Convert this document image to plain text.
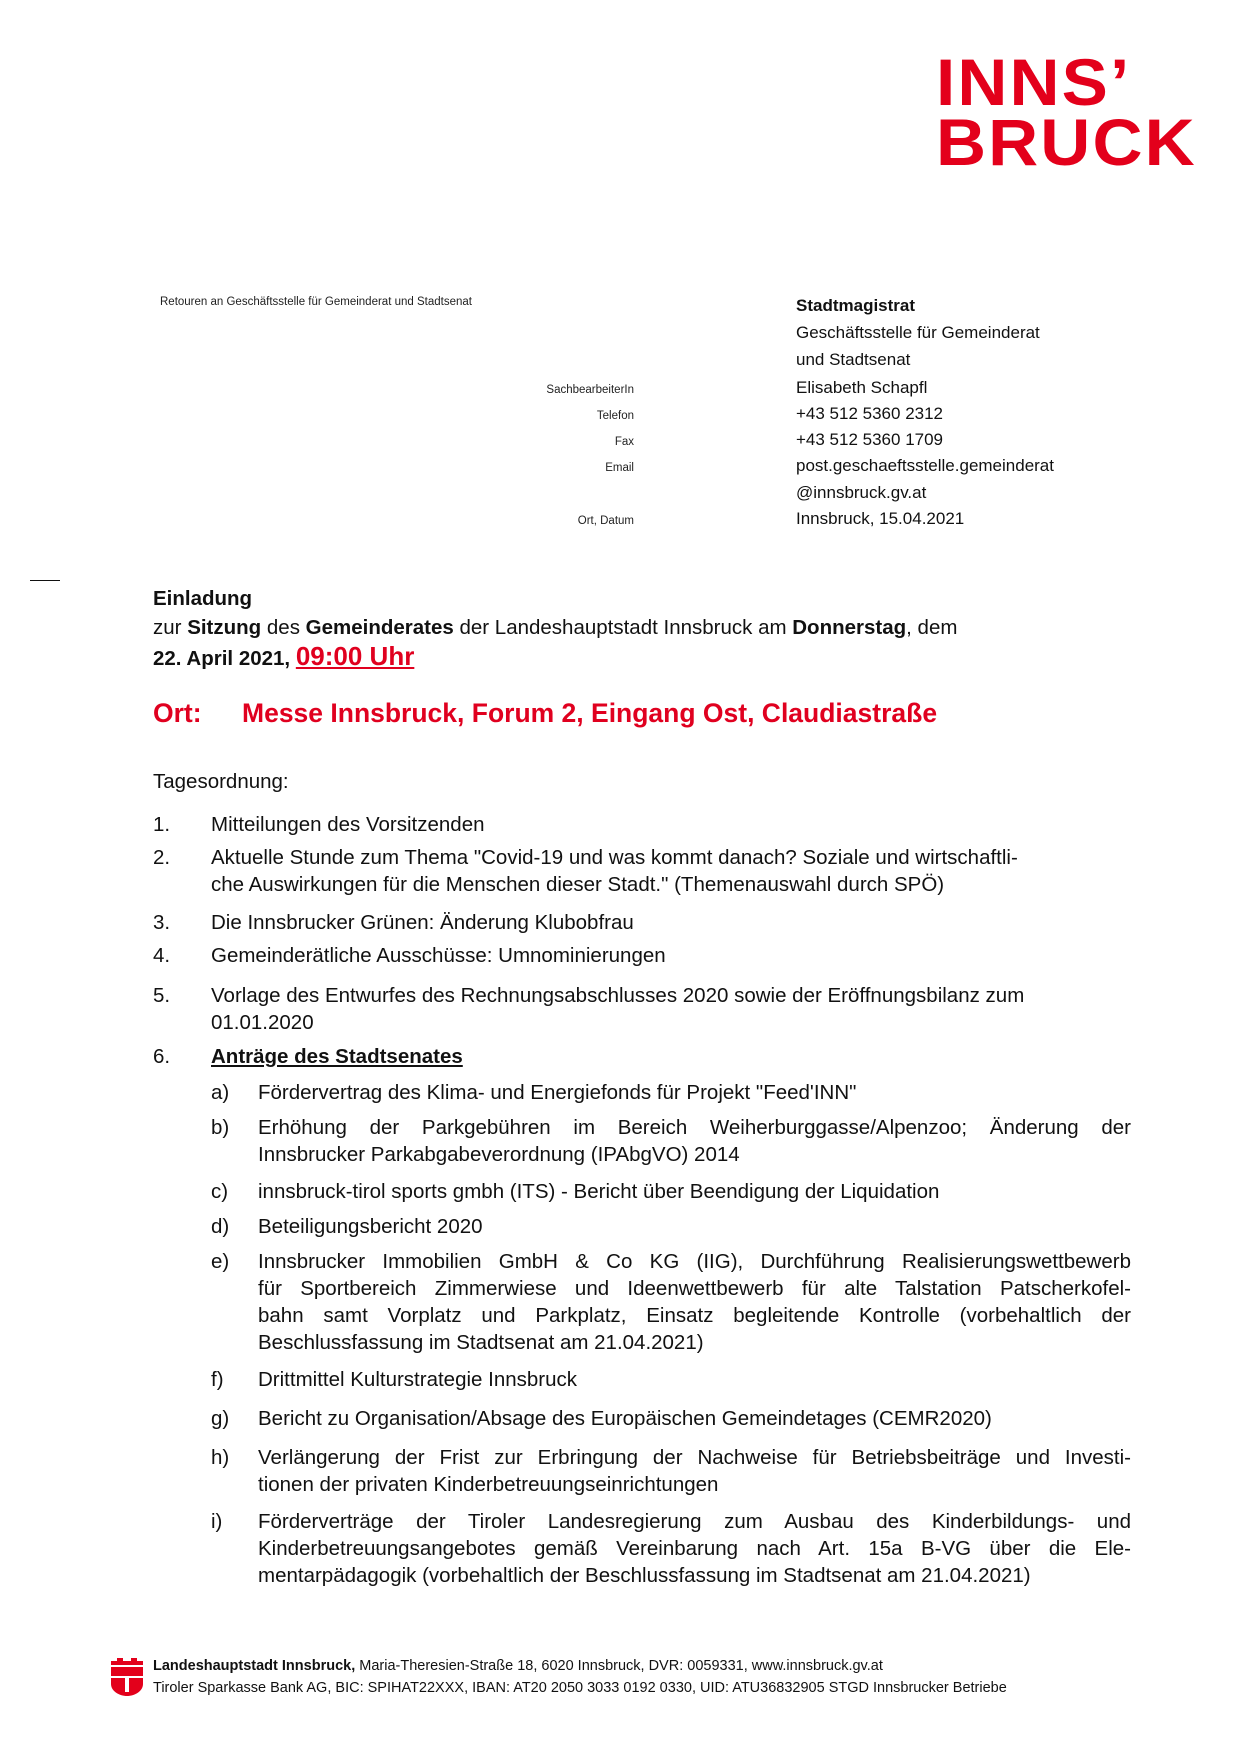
INNS’
BRUCK
Retouren an Geschäftsstelle für Gemeinderat und Stadtsenat	Stadtmagistrat
Geschäftsstelle für Gemeinderat
und Stadtsenat
SachbearbeiterIn	Elisabeth Schapfl
Telefon	+43 512 5360 2312
Fax	+43 512 5360 1709
Email	post.geschaeftsstelle.gemeinderat
@innsbruck.gv.at
Ort, Datum	Innsbruck, 15.04.2021
Einladung
zur Sitzung des Gemeinderates der Landeshauptstadt Innsbruck am Donnerstag, dem
22. April 2021, 09:00 Uhr
Ort: Messe Innsbruck, Forum 2, Eingang Ost, Claudiastraße
Tagesordnung:
1. Mitteilungen des Vorsitzenden
2. Aktuelle Stunde zum Thema "Covid-19 und was kommt danach? Soziale und wirtschaftli-
che Auswirkungen für die Menschen dieser Stadt." (Themenauswahl durch SPÖ)
3. Die Innsbrucker Grünen: Änderung Klubobfrau
4. Gemeinderätliche Ausschüsse: Umnominierungen
5. Vorlage des Entwurfes des Rechnungsabschlusses 2020 sowie der Eröffnungsbilanz zum
01.01.2020
6. Anträge des Stadtsenates
a) Fördervertrag des Klima- und Energiefonds für Projekt "Feed'INN"
b) Erhöhung der Parkgebühren im Bereich Weiherburggasse/Alpenzoo; Änderung der
Innsbrucker Parkabgabeverordnung (IPAbgVO) 2014
c) innsbruck-tirol sports gmbh (ITS) - Bericht über Beendigung der Liquidation
d) Beteiligungsbericht 2020
e) Innsbrucker Immobilien GmbH & Co KG (IIG), Durchführung Realisierungswettbewerb
für Sportbereich Zimmerwiese und Ideenwettbewerb für alte Talstation Patscherkofel-
bahn samt Vorplatz und Parkplatz, Einsatz begleitende Kontrolle (vorbehaltlich der
Beschlussfassung im Stadtsenat am 21.04.2021)
f) Drittmittel Kulturstrategie Innsbruck
g) Bericht zu Organisation/Absage des Europäischen Gemeindetages (CEMR2020)
h) Verlängerung der Frist zur Erbringung der Nachweise für Betriebsbeiträge und Investi-
tionen der privaten Kinderbetreuungseinrichtungen
i) Förderverträge der Tiroler Landesregierung zum Ausbau des Kinderbildungs- und
Kinderbetreuungsangebotes gemäß Vereinbarung nach Art. 15a B-VG über die Ele-
mentarpädagogik (vorbehaltlich der Beschlussfassung im Stadtsenat am 21.04.2021)
Landeshauptstadt Innsbruck, Maria-Theresien-Straße 18, 6020 Innsbruck, DVR: 0059331, www.innsbruck.gv.at
Tiroler Sparkasse Bank AG, BIC: SPIHAT22XXX, IBAN: AT20 2050 3033 0192 0330, UID: ATU36832905 STGD Innsbrucker Betriebe
